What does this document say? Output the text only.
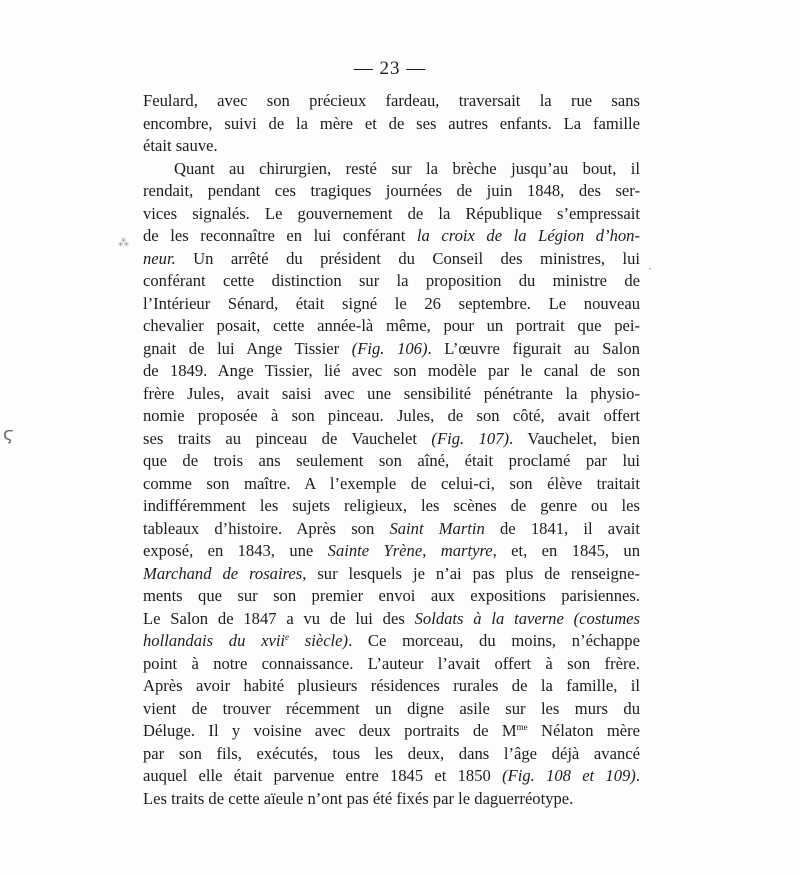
— 23 —
⁂
·
ϛ
Feulard, avec son précieux fardeau, traversait la rue sans
encombre, suivi de la mère et de ses autres enfants. La famille
était sauve.
Quant au chirurgien, resté sur la brèche jusqu’au bout, il
rendait, pendant ces tragiques journées de juin 1848, des ser-
vices signalés. Le gouvernement de la République s’empressait
de les reconnaître en lui conférant la croix de la Légion d’hon-
neur. Un arrêté du président du Conseil des ministres, lui
conférant cette distinction sur la proposition du ministre de
l’Intérieur Sénard, était signé le 26 septembre. Le nouveau
chevalier posait, cette année-là même, pour un portrait que pei-
gnait de lui Ange Tissier (Fig. 106). L’œuvre figurait au Salon
de 1849. Ange Tissier, lié avec son modèle par le canal de son
frère Jules, avait saisi avec une sensibilité pénétrante la physio-
nomie proposée à son pinceau. Jules, de son côté, avait offert
ses traits au pinceau de Vauchelet (Fig. 107). Vauchelet, bien
que de trois ans seulement son aîné, était proclamé par lui
comme son maître. A l’exemple de celui-ci, son élève traitait
indifféremment les sujets religieux, les scènes de genre ou les
tableaux d’histoire. Après son Saint Martin de 1841, il avait
exposé, en 1843, une Sainte Yrène, martyre, et, en 1845, un
Marchand de rosaires, sur lesquels je n’ai pas plus de renseigne-
ments que sur son premier envoi aux expositions parisiennes.
Le Salon de 1847 a vu de lui des Soldats à la taverne (costumes
hollandais du xvii$^e$ siècle). Ce morceau, du moins, n’échappe
point à notre connaissance. L’auteur l’avait offert à son frère.
Après avoir habité plusieurs résidences rurales de la famille, il
vient de trouver récemment un digne asile sur les murs du
Déluge. Il y voisine avec deux portraits de $M^{me}$ Nélaton mère
par son fils, exécutés, tous les deux, dans l’âge déjà avancé
auquel elle était parvenue entre 1845 et 1850 (Fig. 108 et 109).
Les traits de cette aïeule n’ont pas été fixés par le daguerréotype.
